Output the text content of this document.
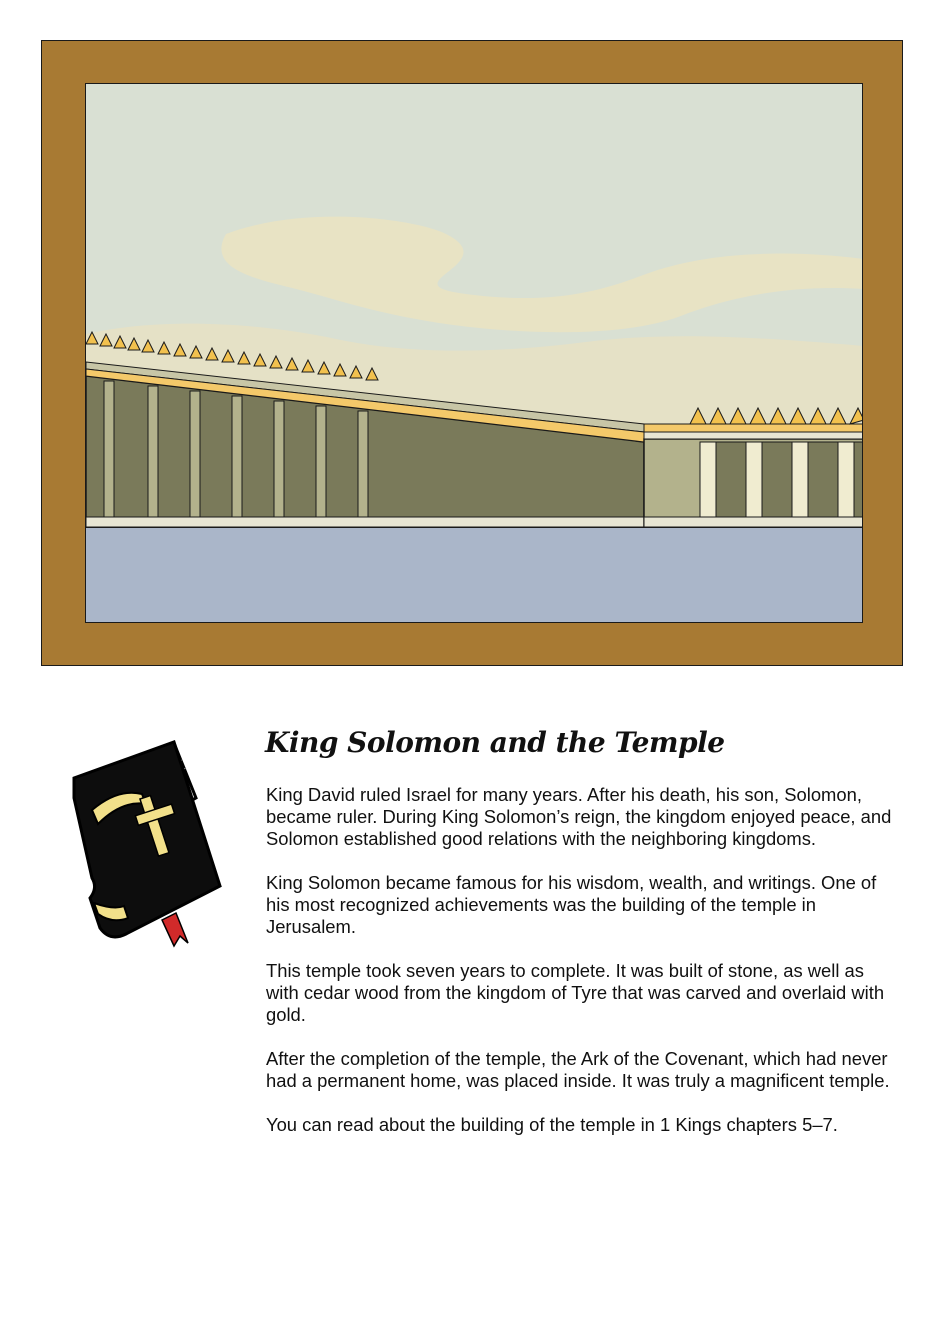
King Solomon and the Temple

King David ruled Israel for many years. After his death, his son, Solomon, became ruler. During King Solomon’s reign, the kingdom enjoyed peace, and Solomon established good relations with the neighboring kingdoms.

King Solomon became famous for his wisdom, wealth, and writings. One of his most recognized achievements was the building of the temple in Jerusalem.

This temple took seven years to complete. It was built of stone, as well as with cedar wood from the kingdom of Tyre that was carved and overlaid with gold.

After the completion of the temple, the Ark of the Covenant, which had never had a permanent home, was placed inside. It was truly a magnificent temple.

You can read about the building of the temple in 1 Kings chapters 5–7.
